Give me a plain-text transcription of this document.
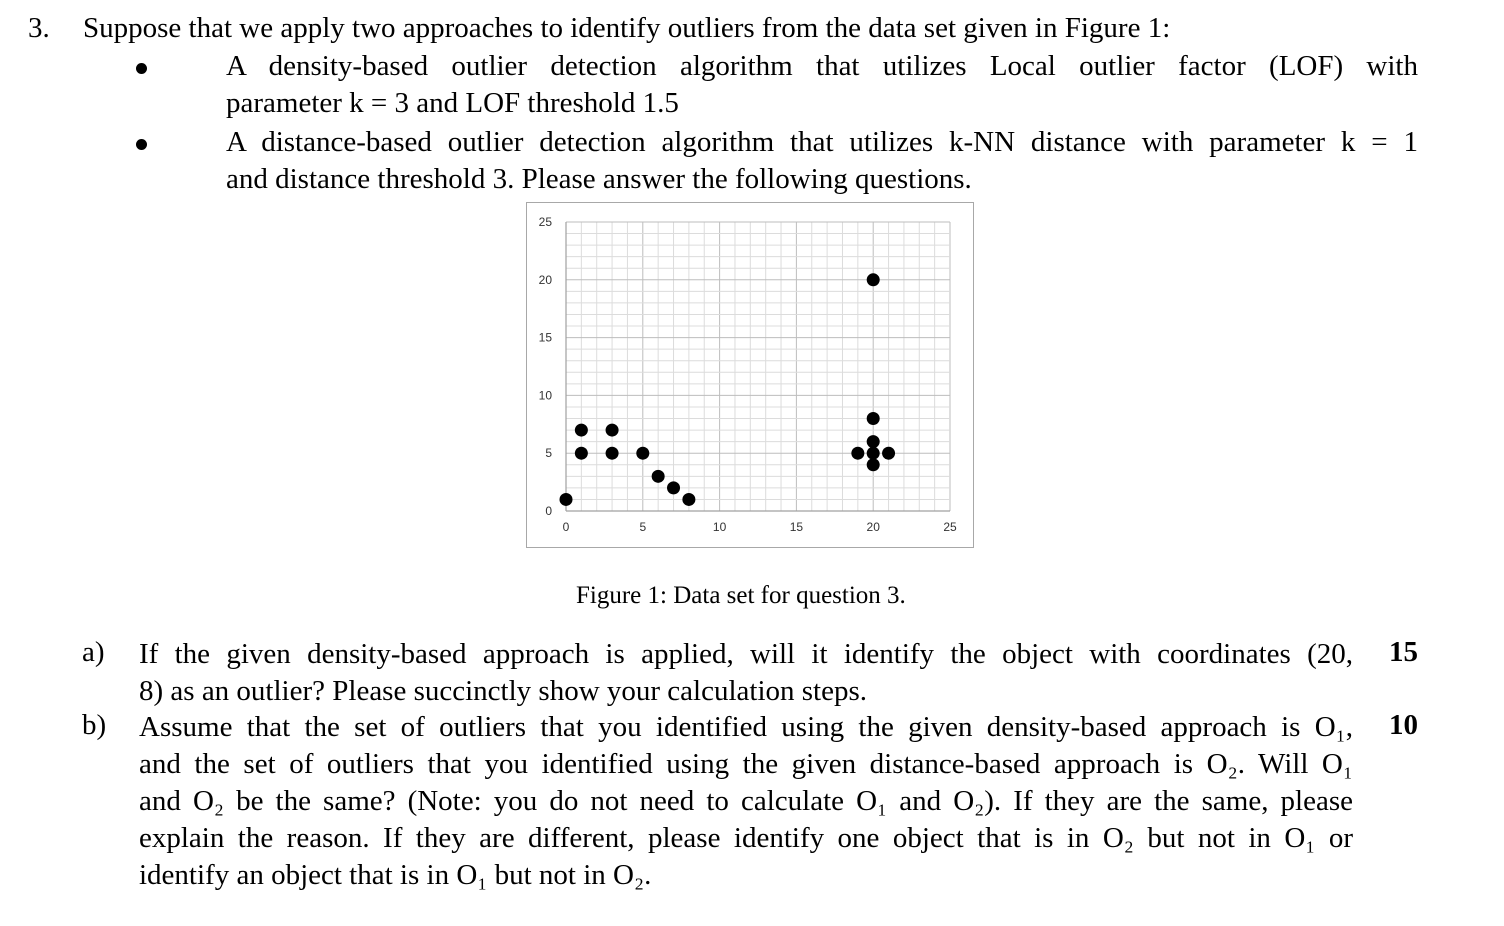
3. Suppose that we apply two approaches to identify outliers from the data set given in Figure 1:
A density-based outlier detection algorithm that utilizes Local outlier factor (LOF) with
parameter k = 3 and LOF threshold 1.5
A distance-based outlier detection algorithm that utilizes k-NN distance with parameter k = 1
and distance threshold 3. Please answer the following questions.
0	5	10	15	20	25
0
5
10
15
20
25
Figure 1: Data set for question 3.
a) If the given density-based approach is applied, will it identify the object with coordinates (20,
8) as an outlier? Please succinctly show your calculation steps.
15
b) Assume that the set of outliers that you identified using the given density-based approach is O₁,
and the set of outliers that you identified using the given distance-based approach is O₂. Will O₁
and O₂ be the same? (Note: you do not need to calculate O₁ and O₂). If they are the same, please
explain the reason. If they are different, please identify one object that is in O₂ but not in O₁ or
identify an object that is in O₁ but not in O₂.
10
